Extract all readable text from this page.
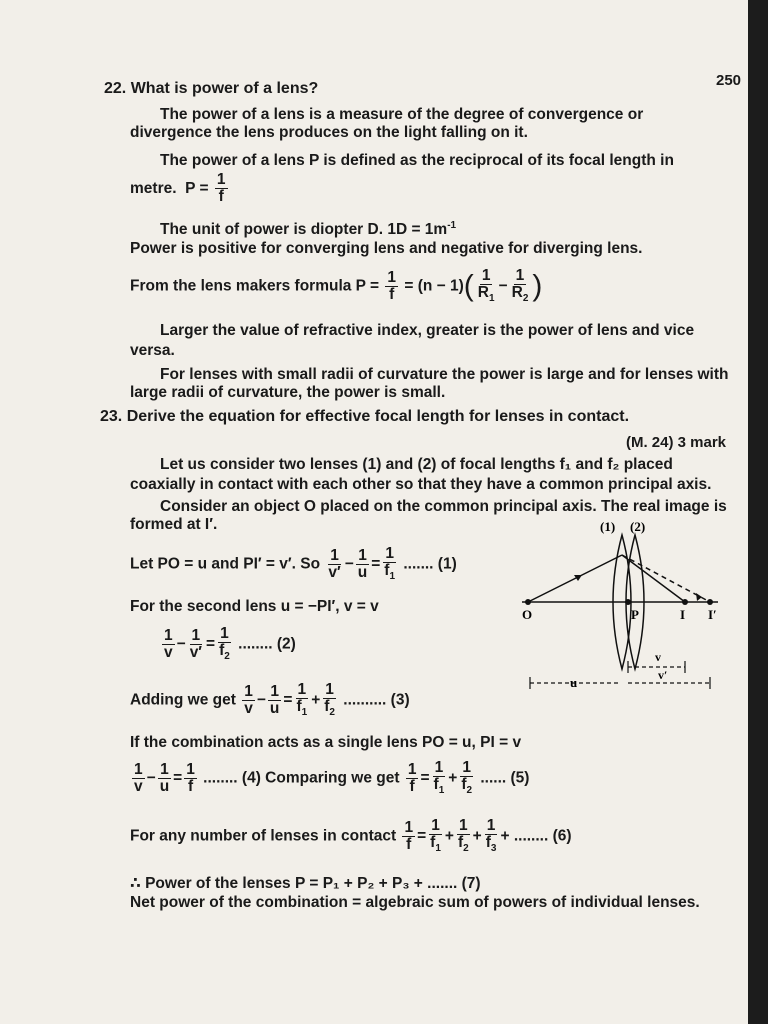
250
22. What is power of a lens?
The power of a lens is a measure of the degree of convergence or
divergence the lens produces on the light falling on it.
The power of a lens P is defined as the reciprocal of its focal length in
metre.  $P = \frac{1}{f}$
The unit of power is diopter D. $1D = 1m^{-1}$
Power is positive for converging lens and negative for diverging lens.
From the lens makers formula $P = \frac{1}{f} = (n - 1)( \frac{1}{R_1} - \frac{1}{R_2}$ )
Larger the value of refractive index, greater is the power of lens and vice
versa.
For lenses with small radii of curvature the power is large and for lenses with
large radii of curvature, the power is small.
23. Derive the equation for effective focal length for lenses in contact.
(M. 24) 3 mark
Let us consider two lenses (1) and (2) of focal lengths f₁ and f₂ placed
coaxially in contact with each other so that they have a common principal axis.
Consider an object O placed on the common principal axis. The real image is
formed at I′.
Let PO = u and PI′ = v′. So $\frac{1}{v'} - \frac{1}{u} = \frac{1}{f_1}$ ....... (1)
For the second lens u = −PI′, v = v
$\frac{1}{v} - \frac{1}{v'} = \frac{1}{f_2}$ ........ (2)
Adding we get $\frac{1}{v} - \frac{1}{u} = \frac{1}{f_1} + \frac{1}{f_2}$ .......... (3)
If the combination acts as a single lens PO = u, PI = v
$\frac{1}{v} - \frac{1}{u} = \frac{1}{f}$ ........ (4) Comparing we get $\frac{1}{f} = \frac{1}{f_1} + \frac{1}{f_2}$ ...... (5)
For any number of lenses in contact $\frac{1}{f} = \frac{1}{f_1} + \frac{1}{f_2} + \frac{1}{f_3}$ + ........ (6)
∴ Power of the lenses P = P₁ + P₂ + P₃ + ....... (7)
Net power of the combination = algebraic sum of powers of individual lenses.
(1) (2)
O	P	I I′
v
v′
u
